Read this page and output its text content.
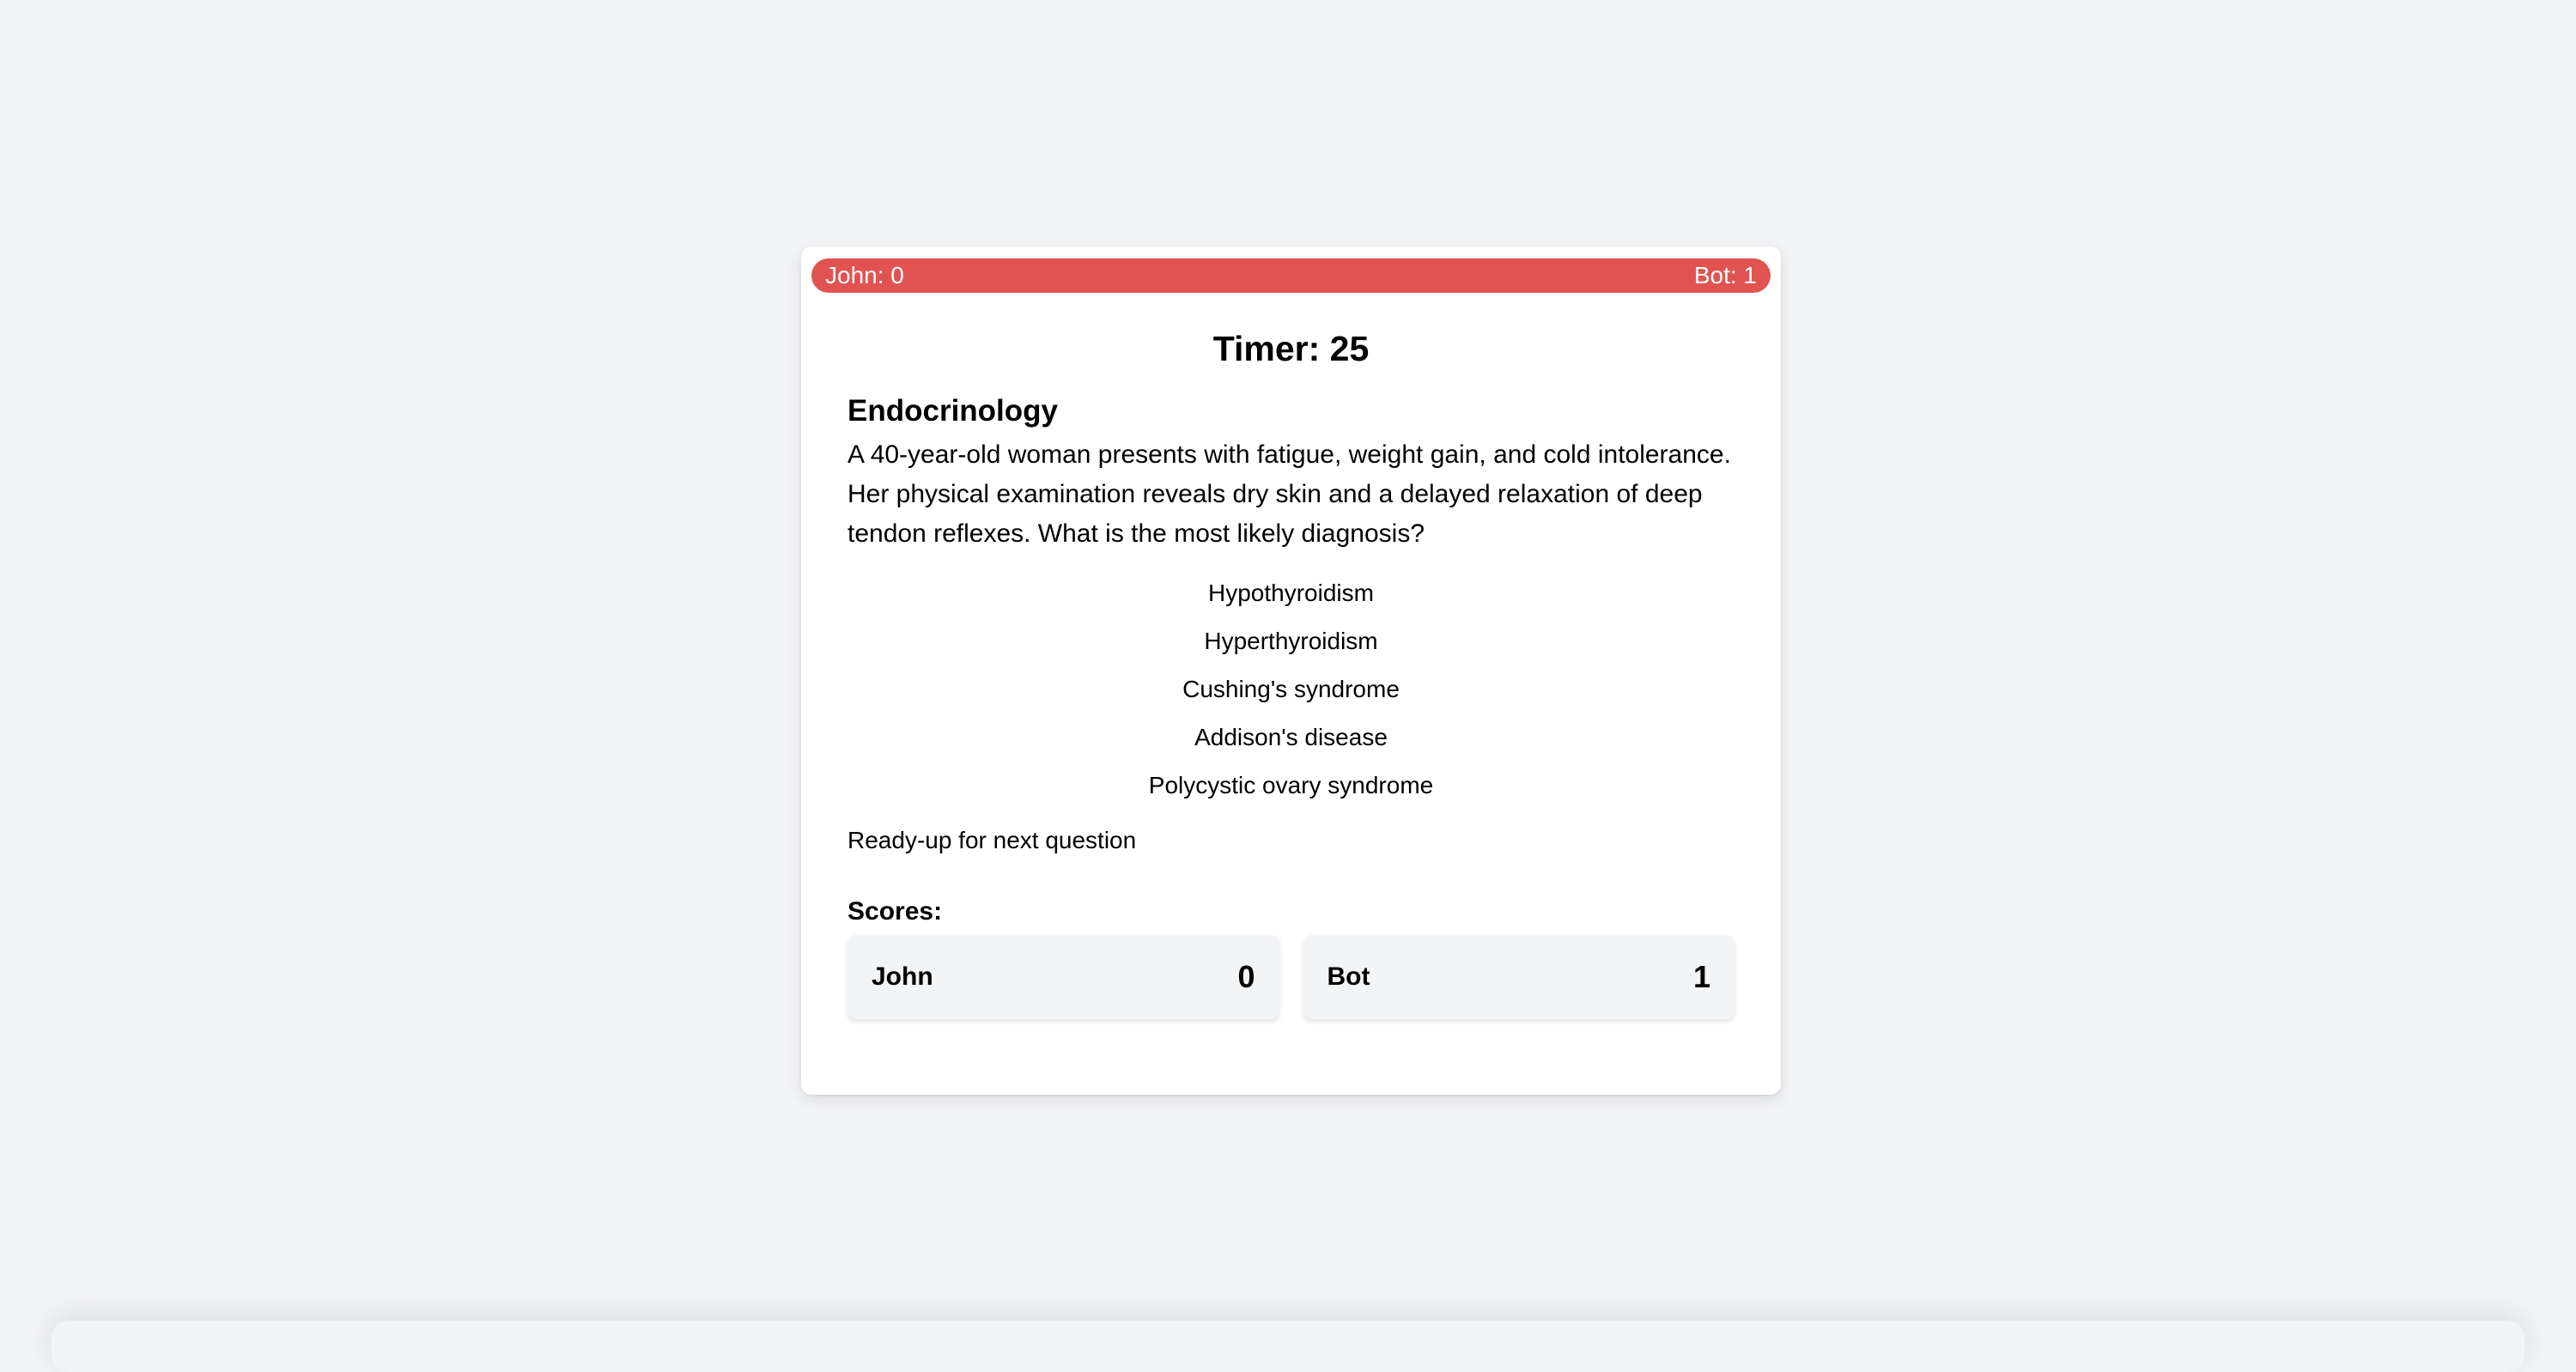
John: 0	Bot: 1
Timer: 25
Endocrinology

A 40-year-old woman presents with fatigue, weight gain, and cold intolerance. Her physical examination reveals dry skin and a delayed relaxation of deep tendon reflexes. What is the most likely diagnosis?

Hypothyroidism
Hyperthyroidism
Cushing's syndrome
Addison's disease
Polycystic ovary syndrome
Ready-up for next question
Scores:
John	0	Bot	1
